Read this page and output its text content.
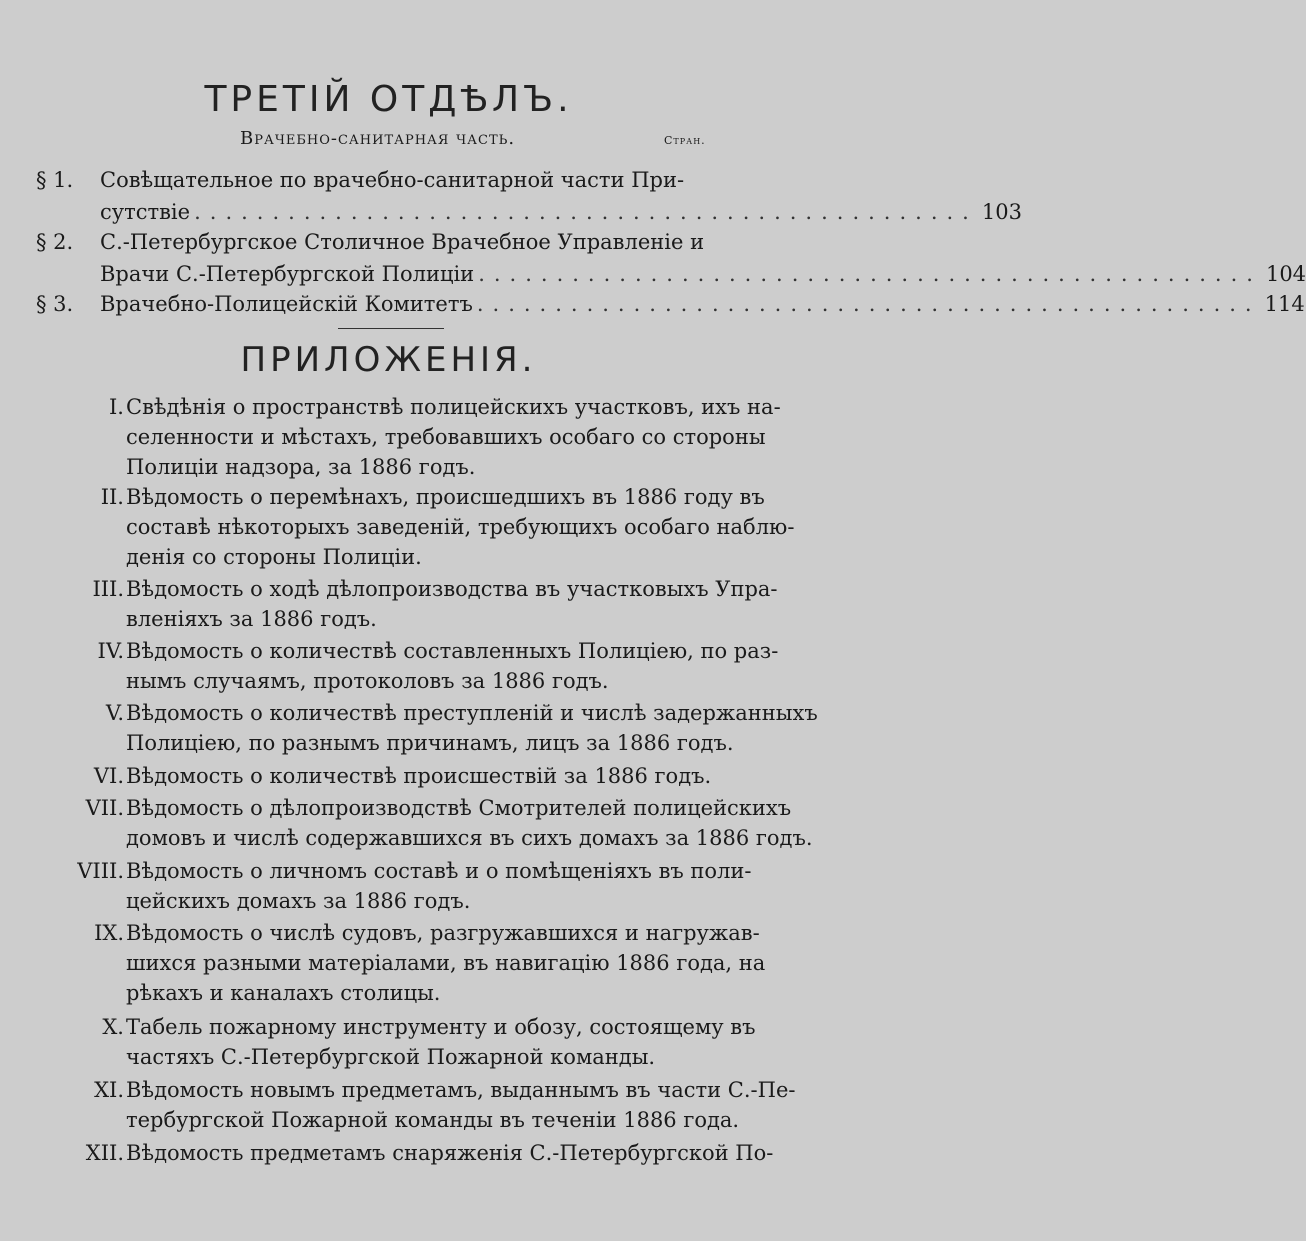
ТРЕТІЙ ОТДѢЛЪ.
Врачебно-санитарная часть.	Стран.
§ 1.	Совѣщательное по врачебно-санитарной части При-
сутствіе .................................................. 103
§ 2.	С.-Петербургское Столичное Врачебное Управленіе и
Врачи С.-Петербургской Полиціи .................................................. 104
§ 3.	Врачебно-Полицейскій Комитетъ .................................................. 114
ПРИЛОЖЕНІЯ.
I. Свѣдѣнія о пространствѣ полицейскихъ участковъ, ихъ на-
селенности и мѣстахъ, требовавшихъ особаго со стороны
Полиціи надзора, за 1886 годъ.
II. Вѣдомость о перемѣнахъ, происшедшихъ въ 1886 году въ
составѣ нѣкоторыхъ заведеній, требующихъ особаго наблю-
денія со стороны Полиціи.
III. Вѣдомость о ходѣ дѣлопроизводства въ участковыхъ Упра-
вленіяхъ за 1886 годъ.
IV. Вѣдомость о количествѣ составленныхъ Полиціею, по раз-
нымъ случаямъ, протоколовъ за 1886 годъ.
V. Вѣдомость о количествѣ преступленій и числѣ задержанныхъ
Полиціею, по разнымъ причинамъ, лицъ за 1886 годъ.
VI. Вѣдомость о количествѣ происшествій за 1886 годъ.
VII. Вѣдомость о дѣлопроизводствѣ Смотрителей полицейскихъ
домовъ и числѣ содержавшихся въ сихъ домахъ за 1886 годъ.
VIII. Вѣдомость о личномъ составѣ и о помѣщеніяхъ въ поли-
цейскихъ домахъ за 1886 годъ.
IX. Вѣдомость о числѣ судовъ, разгружавшихся и нагружав-
шихся разными матеріалами, въ навигацію 1886 года, на
рѣкахъ и каналахъ столицы.
X. Табель пожарному инструменту и обозу, состоящему въ
частяхъ С.-Петербургской Пожарной команды.
XI. Вѣдомость новымъ предметамъ, выданнымъ въ части С.-Пе-
тербургской Пожарной команды въ теченіи 1886 года.
XII. Вѣдомость предметамъ снаряженія С.-Петербургской По-
